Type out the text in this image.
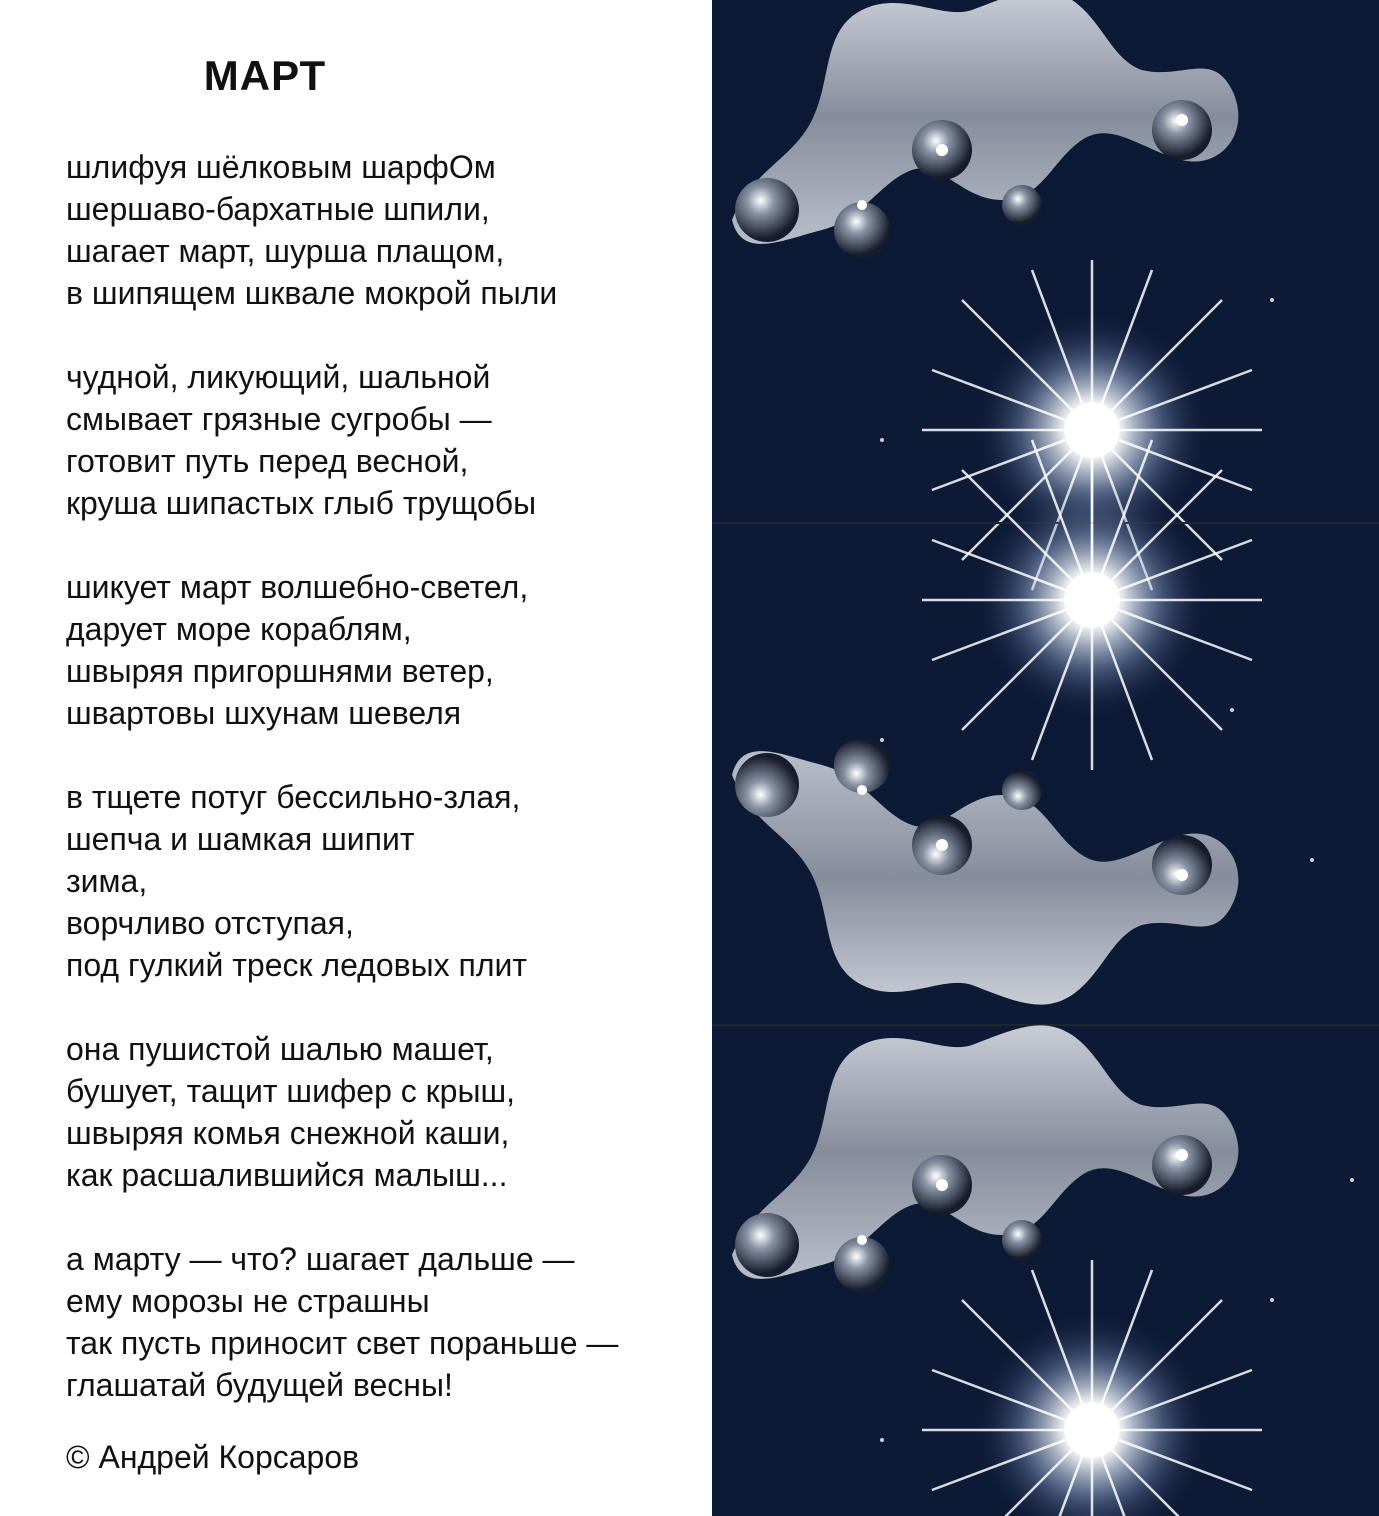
МАРТ
шлифуя шёлковым шарфОм
шершаво-бархатные шпили,
шагает март, шурша плащом,
в шипящем шквале мокрой пыли
чудной, ликующий, шальной
смывает грязные сугробы —
готовит путь перед весной,
круша шипастых глыб трущобы
шикует март волшебно-светел,
дарует море кораблям,
швыряя пригоршнями ветер,
швартовы шхунам шевеля
в тщете потуг бессильно-злая,
шепча и шамкая шипит
зима,
ворчливо отступая,
под гулкий треск ледовых плит
она пушистой шалью машет,
бушует, тащит шифер с крыш,
швыряя комья снежной каши,
как расшалившийся малыш...
а марту — что? шагает дальше —
ему морозы не страшны
так пусть приносит свет пораньше —
глашатай будущей весны!
© Андрей Корсаров
